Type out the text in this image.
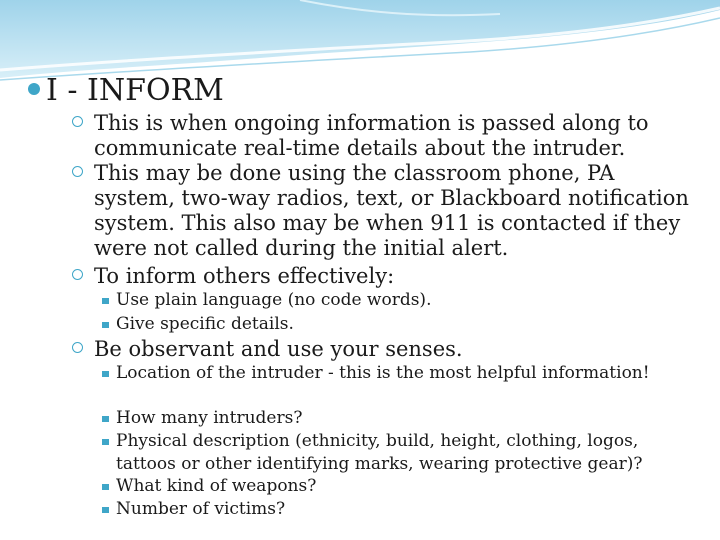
I - INFORM
This is when ongoing information is passed along to communicate real-time details about the intruder.
This may be done using the classroom phone, PA system, two-way radios, text, or Blackboard notification system. This also may be when 911 is contacted if they were not called during the initial alert.
To inform others effectively:
Use plain language (no code words).
Give specific details.
Be observant and use your senses.
Location of the intruder - this is the most helpful information!
How many intruders?
Physical description (ethnicity, build, height, clothing, logos, tattoos or other identifying marks, wearing protective gear)?
What kind of weapons?
Number of victims?
